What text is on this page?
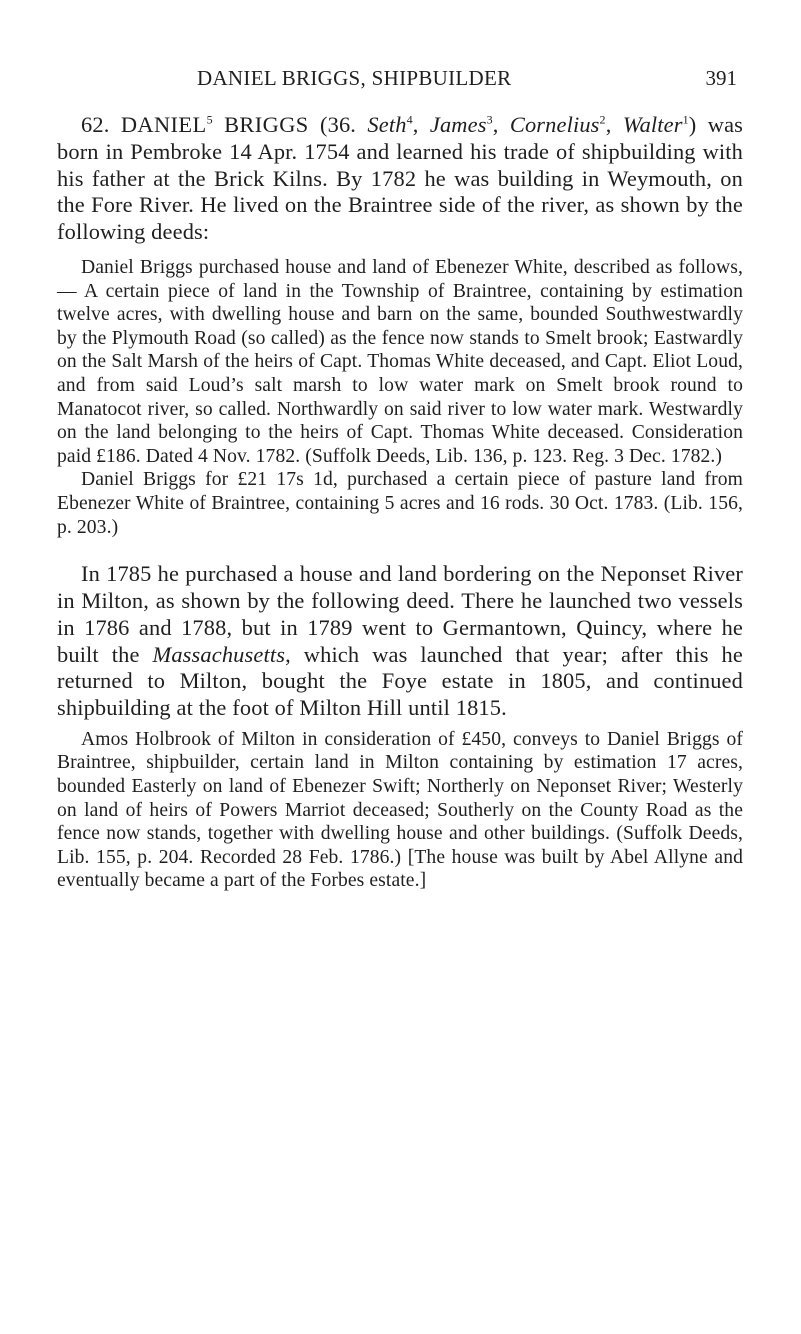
DANIEL BRIGGS, SHIPBUILDER	391

62. DANIEL$^5$ BRIGGS (36. Seth$^4$, James$^3$, Cornelius$^2$, Walter$^1$) was born in Pembroke 14 Apr. 1754 and learned his trade of shipbuilding with his father at the Brick Kilns. By 1782 he was building in Weymouth, on the Fore River. He lived on the Braintree side of the river, as shown by the following deeds:

Daniel Briggs purchased house and land of Ebenezer White, described as follows, — A certain piece of land in the Township of Braintree, containing by estimation twelve acres, with dwelling house and barn on the same, bounded Southwestwardly by the Plymouth Road (so called) as the fence now stands to Smelt brook; Eastwardly on the Salt Marsh of the heirs of Capt. Thomas White deceased, and Capt. Eliot Loud, and from said Loud’s salt marsh to low water mark on Smelt brook round to Manatocot river, so called. Northwardly on said river to low water mark. Westwardly on the land belonging to the heirs of Capt. Thomas White deceased. Consideration paid £186. Dated 4 Nov. 1782. (Suffolk Deeds, Lib. 136, p. 123. Reg. 3 Dec. 1782.)

Daniel Briggs for £21 17s 1d, purchased a certain piece of pasture land from Ebenezer White of Braintree, containing 5 acres and 16 rods. 30 Oct. 1783. (Lib. 156, p. 203.)

In 1785 he purchased a house and land bordering on the Neponset River in Milton, as shown by the following deed. There he launched two vessels in 1786 and 1788, but in 1789 went to Germantown, Quincy, where he built the Massachusetts, which was launched that year; after this he returned to Milton, bought the Foye estate in 1805, and continued shipbuilding at the foot of Milton Hill until 1815.

Amos Holbrook of Milton in consideration of £450, conveys to Daniel Briggs of Braintree, shipbuilder, certain land in Milton containing by estimation 17 acres, bounded Easterly on land of Ebenezer Swift; Northerly on Neponset River; Westerly on land of heirs of Powers Marriot deceased; Southerly on the County Road as the fence now stands, together with dwelling house and other buildings. (Suffolk Deeds, Lib. 155, p. 204. Recorded 28 Feb. 1786.) [The house was built by Abel Allyne and eventually became a part of the Forbes estate.]
